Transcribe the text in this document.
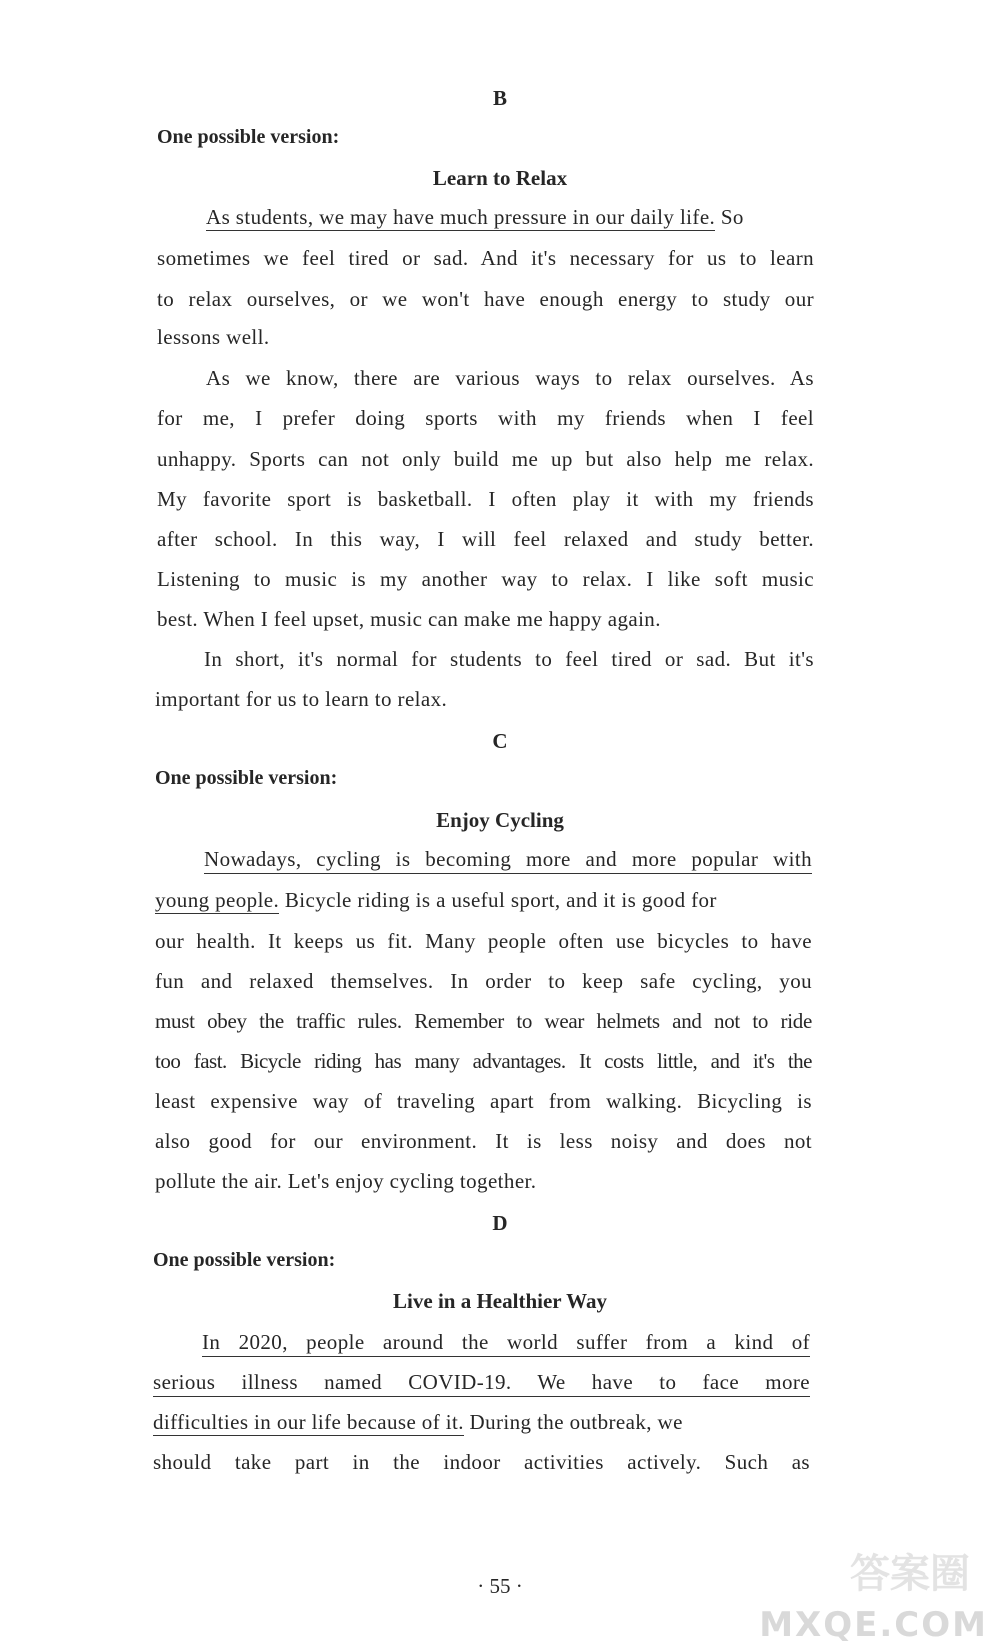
B
One possible version:
Learn to Relax
As students, we may have much pressure in our daily life. So
sometimes we feel tired or sad. And it's necessary for us to learn
to relax ourselves, or we won't have enough energy to study our
lessons well.
As we know, there are various ways to relax ourselves. As
for me, I prefer doing sports with my friends when I feel
unhappy. Sports can not only build me up but also help me relax.
My favorite sport is basketball. I often play it with my friends
after school. In this way, I will feel relaxed and study better.
Listening to music is my another way to relax. I like soft music
best. When I feel upset, music can make me happy again.
In short, it's normal for students to feel tired or sad. But it's
important for us to learn to relax.
C
One possible version:
Enjoy Cycling
Nowadays, cycling is becoming more and more popular with
young people. Bicycle riding is a useful sport, and it is good for
our health. It keeps us fit. Many people often use bicycles to have
fun and relaxed themselves. In order to keep safe cycling, you
must obey the traffic rules. Remember to wear helmets and not to ride
too fast. Bicycle riding has many advantages. It costs little, and it's the
least expensive way of traveling apart from walking. Bicycling is
also good for our environment. It is less noisy and does not
pollute the air. Let's enjoy cycling together.
D
One possible version:
Live in a Healthier Way
In 2020, people around the world suffer from a kind of
serious illness named COVID-19. We have to face more
difficulties in our life because of it. During the outbreak, we
should take part in the indoor activities actively. Such as
· 55 ·	答案圈
MXQE.COM
